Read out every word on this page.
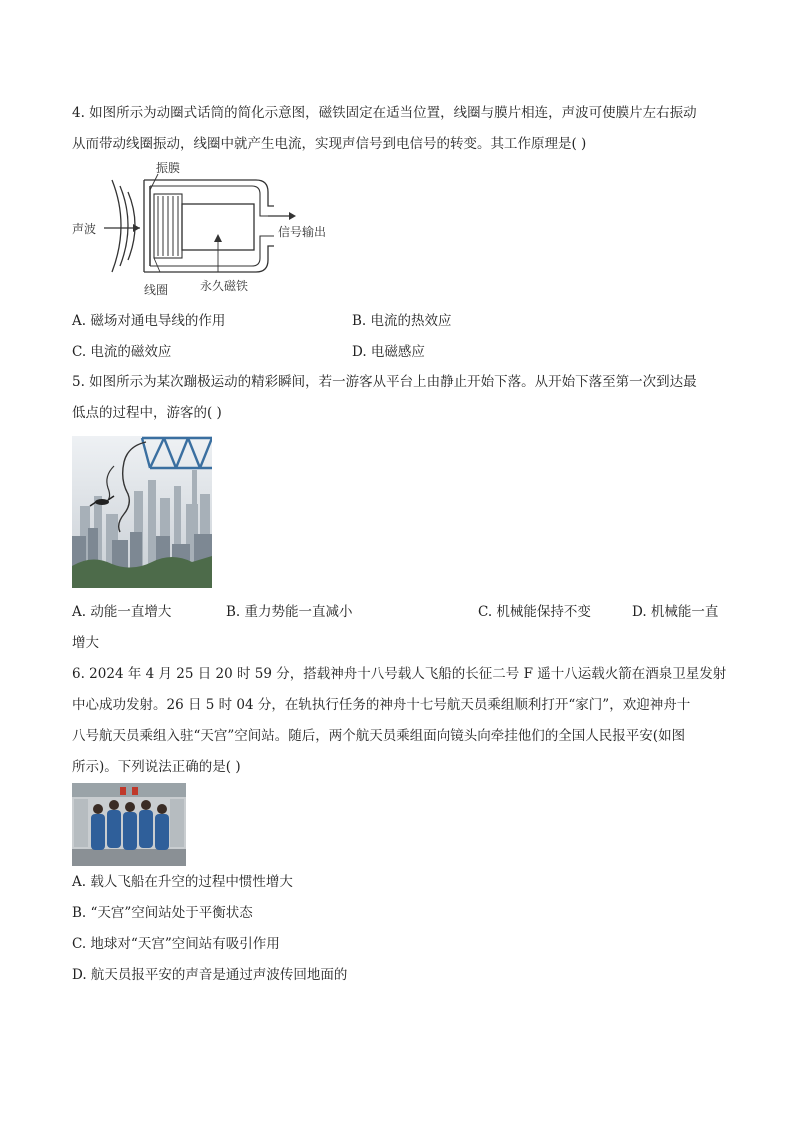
4. 如图所示为动圈式话筒的简化示意图，磁铁固定在适当位置，线圈与膜片相连，声波可使膜片左右振动
从而带动线圈振动，线圈中就产生电流，实现声信号到电信号的转变。其工作原理是( )
振膜
声波	信号输出
线圈	永久磁铁
A. 磁场对通电导线的作用	B. 电流的热效应
C. 电流的磁效应	D. 电磁感应
5. 如图所示为某次蹦极运动的精彩瞬间，若一游客从平台上由静止开始下落。从开始下落至第一次到达最
低点的过程中，游客的( )
A. 动能一直增大	B. 重力势能一直减小	C. 机械能保持不变	D. 机械能一直
增大
6. 2024 年 4 月 25 日 20 时 59 分，搭载神舟十八号载人飞船的长征二号 F 遥十八运载火箭在酒泉卫星发射
中心成功发射。26 日 5 时 04 分，在轨执行任务的神舟十七号航天员乘组顺利打开“家门”，欢迎神舟十
八号航天员乘组入驻“天宫”空间站。随后，两个航天员乘组面向镜头向牵挂他们的全国人民报平安(如图
所示)。下列说法正确的是( )
A. 载人飞船在升空的过程中惯性增大
B. “天宫”空间站处于平衡状态
C. 地球对“天宫”空间站有吸引作用
D. 航天员报平安的声音是通过声波传回地面的
